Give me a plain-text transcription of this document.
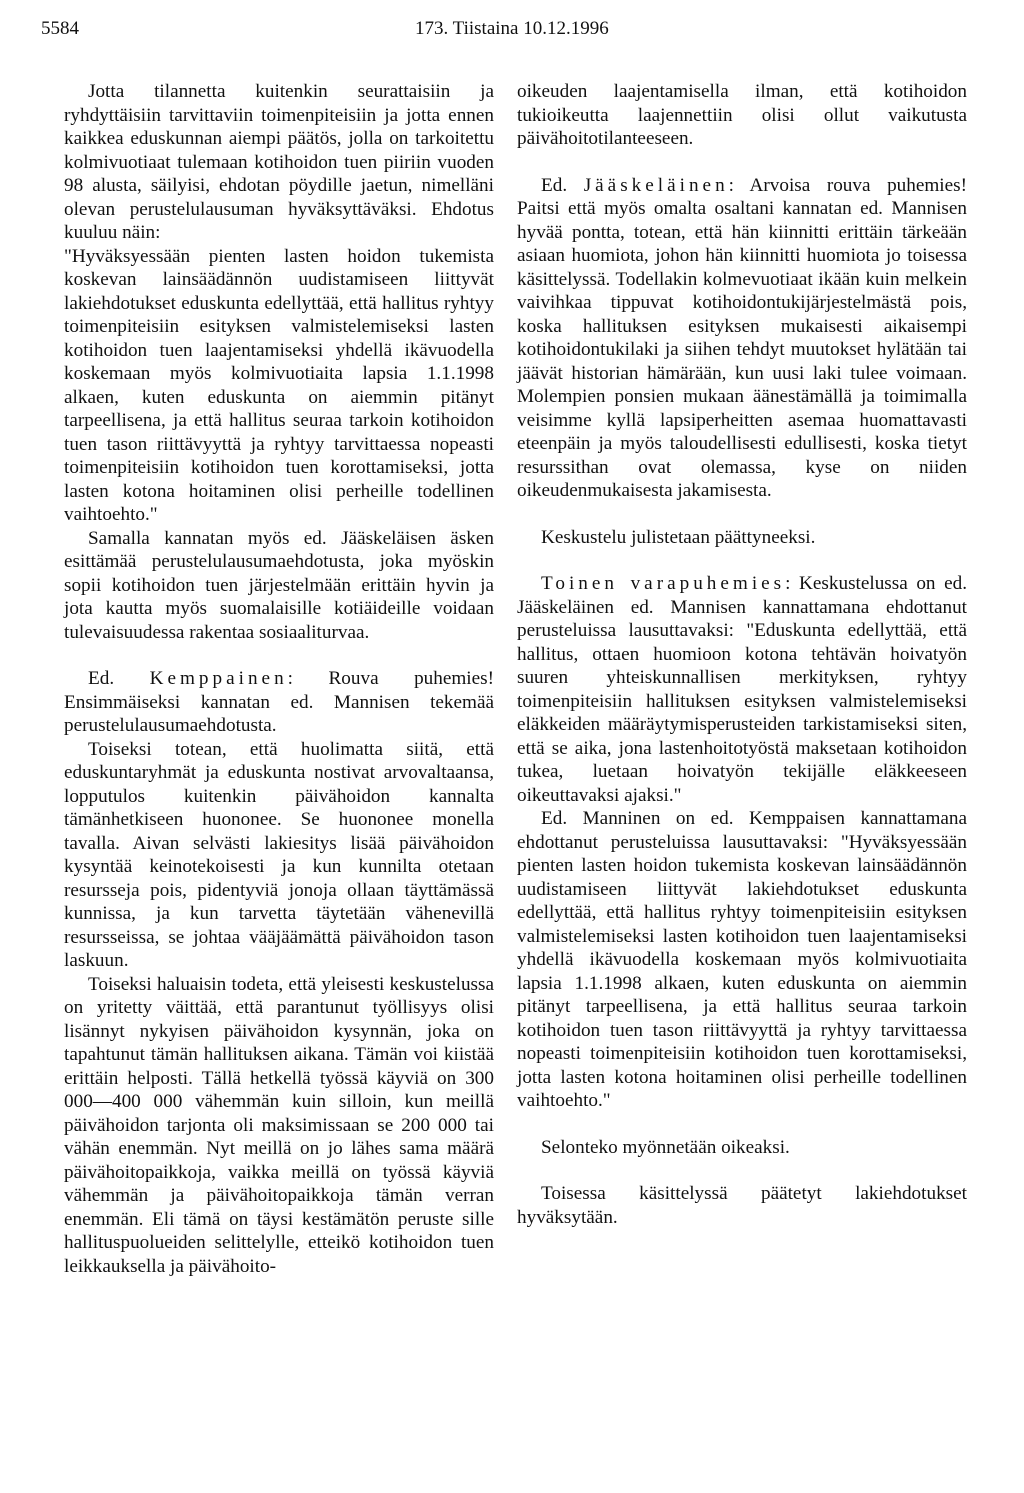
5584	173. Tiistaina 10.12.1996

Jotta tilannetta kuitenkin seurattaisiin ja ryhdyttäisiin tarvittaviin toimenpiteisiin ja jotta ennen kaikkea eduskunnan aiempi päätös, jolla on tarkoitettu kolmivuotiaat tulemaan kotihoidon tuen piiriin vuoden 98 alusta, säilyisi, ehdotan pöydille jaetun, nimelläni olevan perustelulausuman hyväksyttäväksi. Ehdotus kuuluu näin:

"Hyväksyessään pienten lasten hoidon tukemista koskevan lainsäädännön uudistamiseen liittyvät lakiehdotukset eduskunta edellyttää, että hallitus ryhtyy toimenpiteisiin esityksen valmistelemiseksi lasten kotihoidon tuen laajentamiseksi yhdellä ikävuodella koskemaan myös kolmivuotiaita lapsia 1.1.1998 alkaen, kuten eduskunta on aiemmin pitänyt tarpeellisena, ja että hallitus seuraa tarkoin kotihoidon tuen tason riittävyyttä ja ryhtyy tarvittaessa nopeasti toimenpiteisiin kotihoidon tuen korottamiseksi, jotta lasten kotona hoitaminen olisi perheille todellinen vaihtoehto."

Samalla kannatan myös ed. Jääskeläisen äsken esittämää perustelulausumaehdotusta, joka myöskin sopii kotihoidon tuen järjestelmään erittäin hyvin ja jota kautta myös suomalaisille kotiäideille voidaan tulevaisuudessa rakentaa sosiaaliturvaa.

Ed. Kemppainen: Rouva puhemies! Ensimmäiseksi kannatan ed. Mannisen tekemää perustelulausumaehdotusta.

Toiseksi totean, että huolimatta siitä, että eduskuntaryhmät ja eduskunta nostivat arvovaltaansa, lopputulos kuitenkin päivähoidon kannalta tämänhetkiseen huononee. Se huononee monella tavalla. Aivan selvästi lakiesitys lisää päivähoidon kysyntää keinotekoisesti ja kun kunnilta otetaan resursseja pois, pidentyviä jonoja ollaan täyttämässä kunnissa, ja kun tarvetta täytetään vähenevillä resursseissa, se johtaa vääjäämättä päivähoidon tason laskuun.

Toiseksi haluaisin todeta, että yleisesti keskustelussa on yritetty väittää, että parantunut työllisyys olisi lisännyt nykyisen päivähoidon kysynnän, joka on tapahtunut tämän hallituksen aikana. Tämän voi kiistää erittäin helposti. Tällä hetkellä työssä käyviä on 300 000—400 000 vähemmän kuin silloin, kun meillä päivähoidon tarjonta oli maksimissaan se 200 000 tai vähän enemmän. Nyt meillä on jo lähes sama määrä päivähoitopaikkoja, vaikka meillä on työssä käyviä vähemmän ja päivähoitopaikkoja tämän verran enemmän. Eli tämä on täysi kestämätön peruste sille hallituspuolueiden selittelylle, etteikö kotihoidon tuen leikkauksella ja päivähoito-

oikeuden laajentamisella ilman, että kotihoidon tukioikeutta laajennettiin olisi ollut vaikutusta päivähoitotilanteeseen.

Ed. Jääskeläinen: Arvoisa rouva puhemies! Paitsi että myös omalta osaltani kannatan ed. Mannisen hyvää pontta, totean, että hän kiinnitti erittäin tärkeään asiaan huomiota, johon hän kiinnitti huomiota jo toisessa käsittelyssä. Todellakin kolmevuotiaat ikään kuin melkein vaivihkaa tippuvat kotihoidontukijärjestelmästä pois, koska hallituksen esityksen mukaisesti aikaisempi kotihoidontukilaki ja siihen tehdyt muutokset hylätään tai jäävät historian hämärään, kun uusi laki tulee voimaan. Molempien ponsien mukaan äänestämällä ja toimimalla veisimme kyllä lapsiperheitten asemaa huomattavasti eteenpäin ja myös taloudellisesti edullisesti, koska tietyt resurssithan ovat olemassa, kyse on niiden oikeudenmukaisesta jakamisesta.

Keskustelu julistetaan päättyneeksi.

Toinen varapuhemies: Keskustelussa on ed. Jääskeläinen ed. Mannisen kannattamana ehdottanut perusteluissa lausuttavaksi: "Eduskunta edellyttää, että hallitus, ottaen huomioon kotona tehtävän hoivatyön suuren yhteiskunnallisen merkityksen, ryhtyy toimenpiteisiin hallituksen esityksen valmistelemiseksi eläkkeiden määräytymisperusteiden tarkistamiseksi siten, että se aika, jona lastenhoitotyöstä maksetaan kotihoidon tukea, luetaan hoivatyön tekijälle eläkkeeseen oikeuttavaksi ajaksi."

Ed. Manninen on ed. Kemppaisen kannattamana ehdottanut perusteluissa lausuttavaksi: "Hyväksyessään pienten lasten hoidon tukemista koskevan lainsäädännön uudistamiseen liittyvät lakiehdotukset eduskunta edellyttää, että hallitus ryhtyy toimenpiteisiin esityksen valmistelemiseksi lasten kotihoidon tuen laajentamiseksi yhdellä ikävuodella koskemaan myös kolmivuotiaita lapsia 1.1.1998 alkaen, kuten eduskunta on aiemmin pitänyt tarpeellisena, ja että hallitus seuraa tarkoin kotihoidon tuen tason riittävyyttä ja ryhtyy tarvittaessa nopeasti toimenpiteisiin kotihoidon tuen korottamiseksi, jotta lasten kotona hoitaminen olisi perheille todellinen vaihtoehto."

Selonteko myönnetään oikeaksi.

Toisessa käsittelyssä päätetyt lakiehdotukset hyväksytään.
